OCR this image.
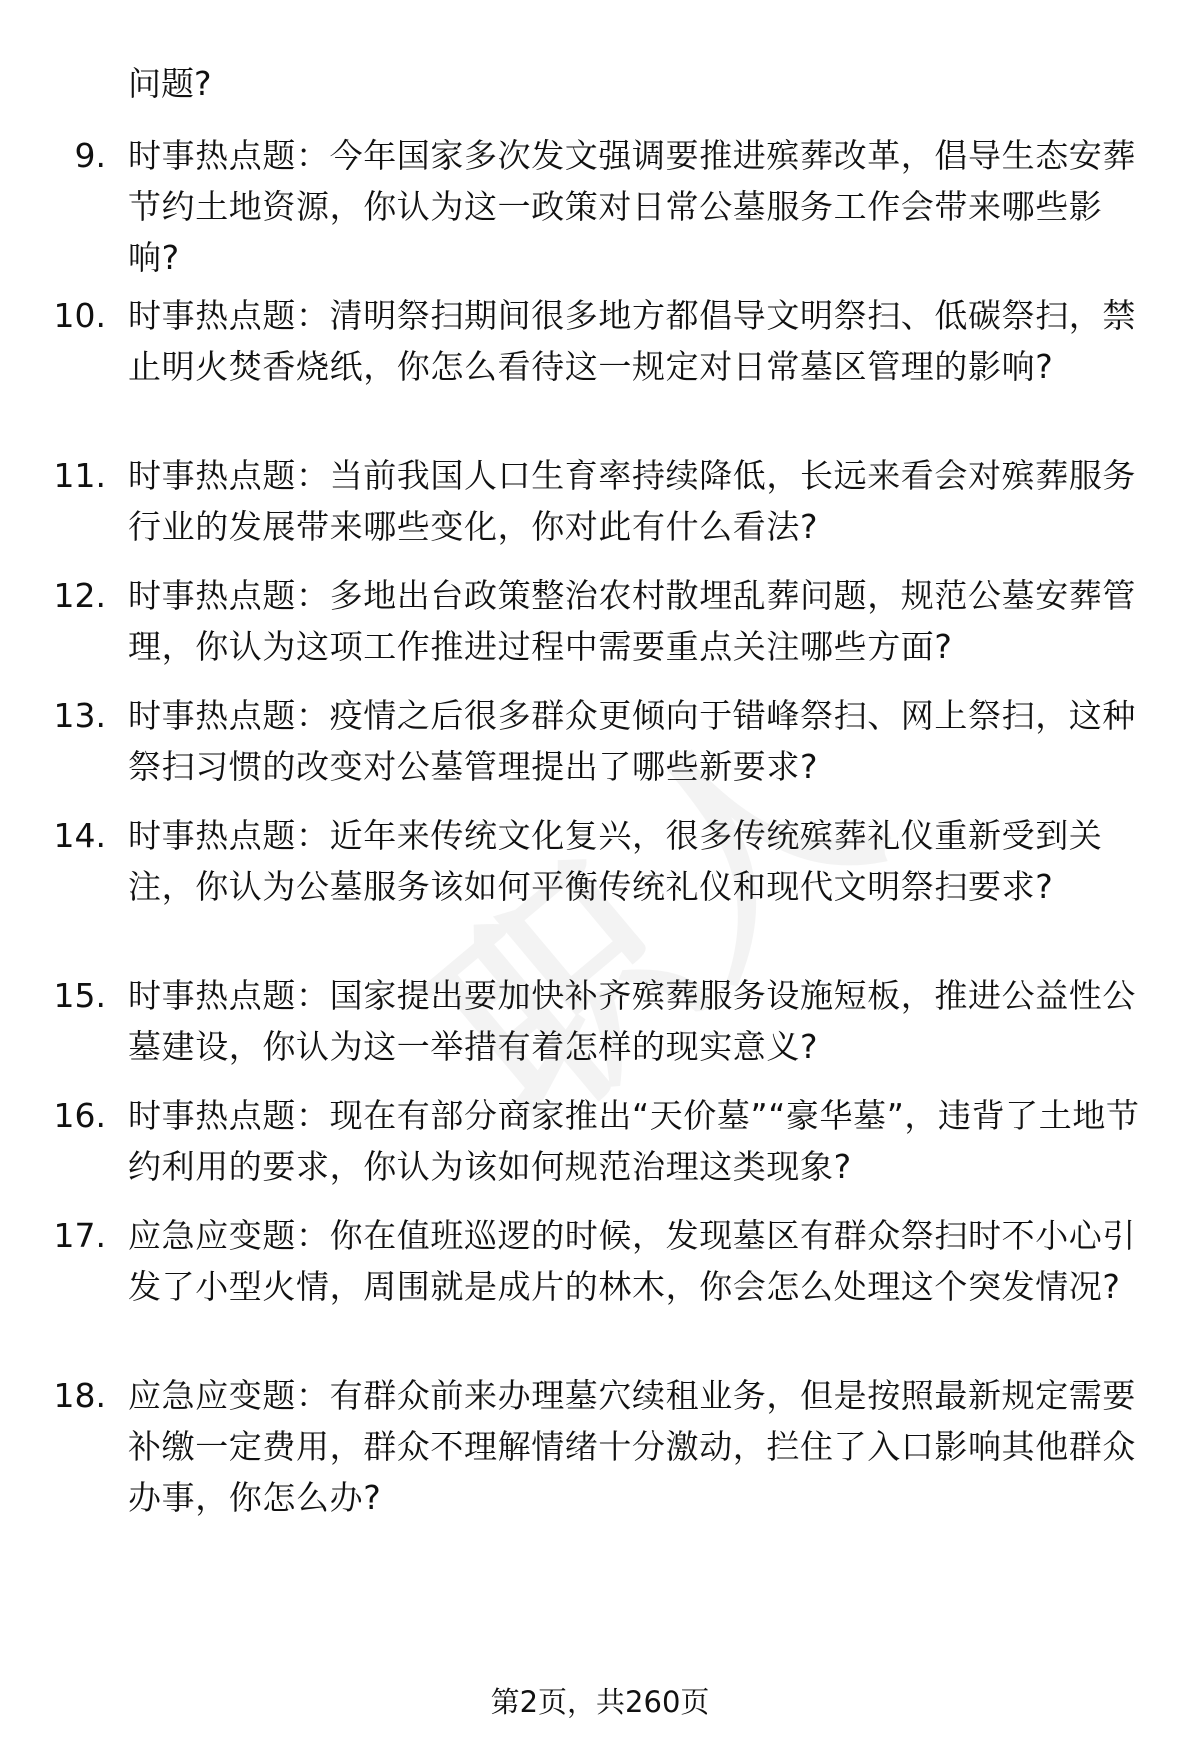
问题?
9. 时事热点题：今年国家多次发文强调要推进殡葬改革，倡导生态安葬节约土地资源，你认为这一政策对日常公墓服务工作会带来哪些影响?
10. 时事热点题：清明祭扫期间很多地方都倡导文明祭扫、低碳祭扫，禁止明火焚香烧纸，你怎么看待这一规定对日常墓区管理的影响?
11. 时事热点题：当前我国人口生育率持续降低，长远来看会对殡葬服务行业的发展带来哪些变化，你对此有什么看法?
12. 时事热点题：多地出台政策整治农村散埋乱葬问题，规范公墓安葬管理，你认为这项工作推进过程中需要重点关注哪些方面?
13. 时事热点题：疫情之后很多群众更倾向于错峰祭扫、网上祭扫，这种祭扫习惯的改变对公墓管理提出了哪些新要求?
14. 时事热点题：近年来传统文化复兴，很多传统殡葬礼仪重新受到关注，你认为公墓服务该如何平衡传统礼仪和现代文明祭扫要求?
15. 时事热点题：国家提出要加快补齐殡葬服务设施短板，推进公益性公墓建设，你认为这一举措有着怎样的现实意义?
16. 时事热点题：现在有部分商家推出“天价墓”“豪华墓”，违背了土地节约利用的要求，你认为该如何规范治理这类现象?
17. 应急应变题：你在值班巡逻的时候，发现墓区有群众祭扫时不小心引发了小型火情，周围就是成片的林木，你会怎么处理这个突发情况?
18. 应急应变题：有群众前来办理墓穴续租业务，但是按照最新规定需要补缴一定费用，群众不理解情绪十分激动，拦住了入口影响其他群众办事，你怎么办?
第2页，共260页
